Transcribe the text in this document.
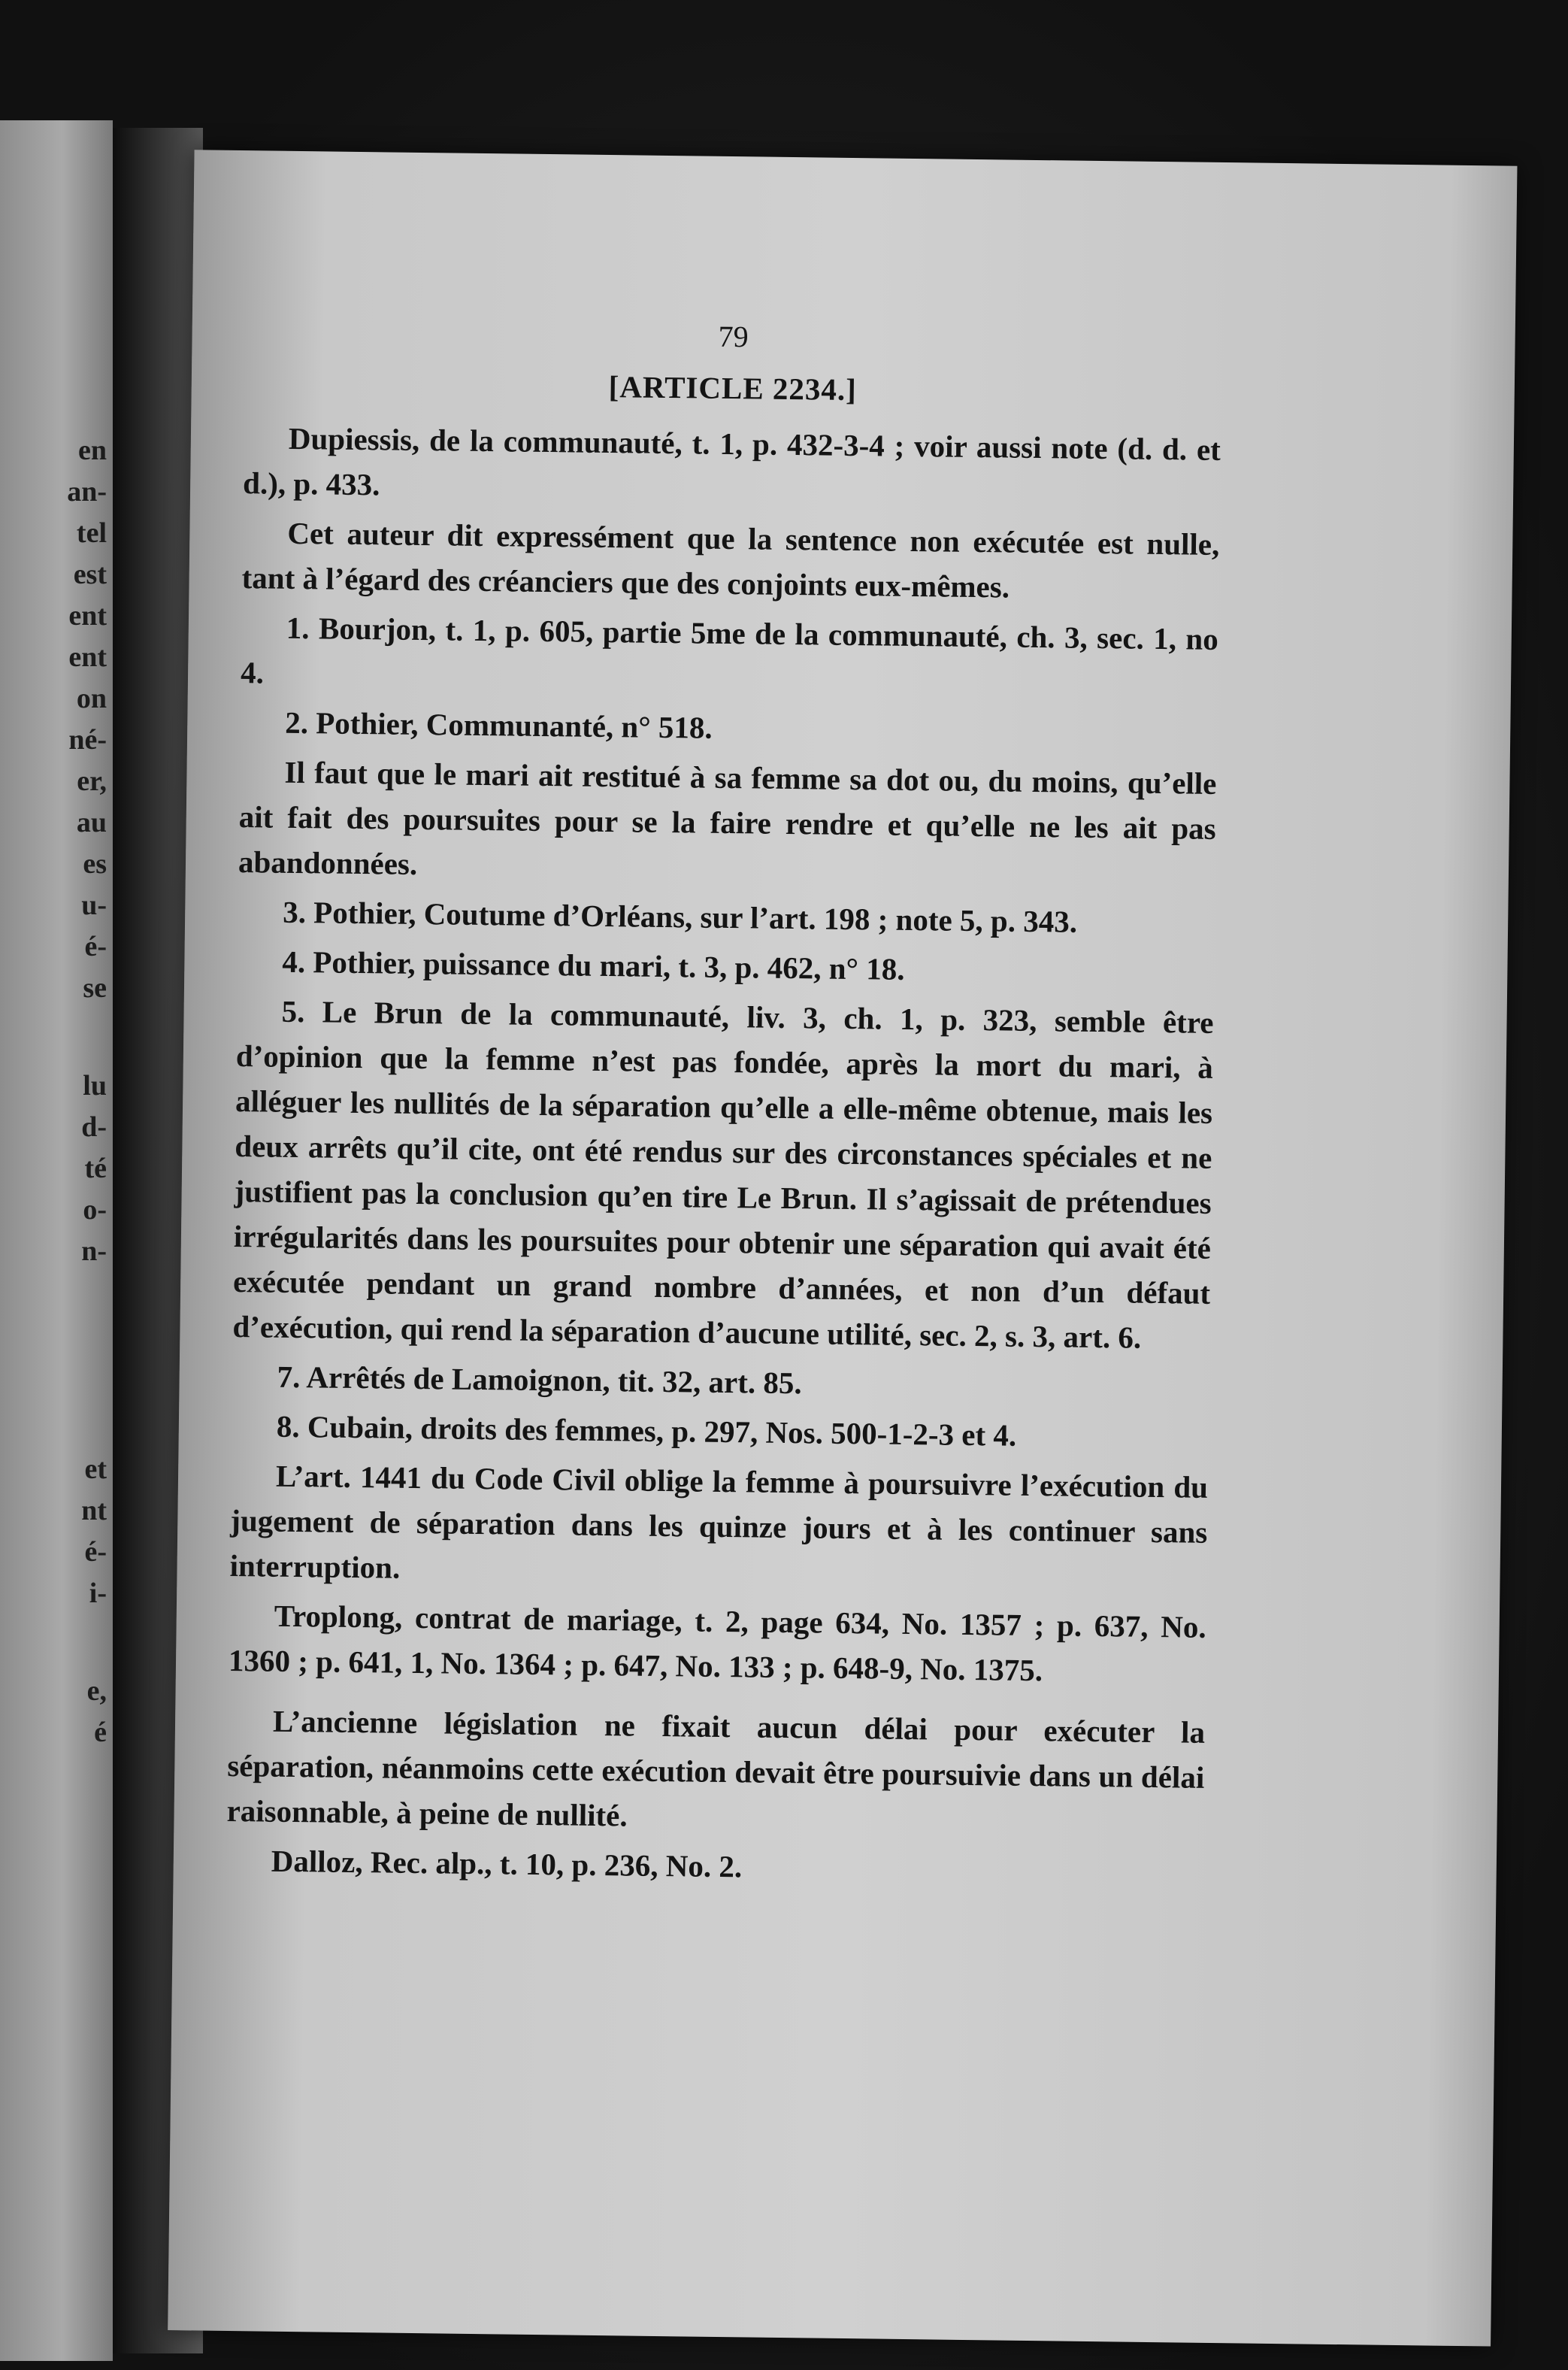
en
an-
tel
est
ent
ent
on
né-
er,
au
es
u-
é-
se
lu
d-
té
o-
n-
et
nt
é-
i-
e,
é
79
[ARTICLE 2234.]

Dupiessis, de la communauté, t. 1, p. 432-3-4 ; voir aussi note (d. d. et d.), p. 433.

Cet auteur dit expressément que la sentence non exécutée est nulle, tant à l’égard des créanciers que des conjoints eux-mêmes.

1. Bourjon, t. 1, p. 605, partie 5me de la communauté, ch. 3, sec. 1, no 4.

2. Pothier, Communanté, n° 518.

Il faut que le mari ait restitué à sa femme sa dot ou, du moins, qu’elle ait fait des poursuites pour se la faire rendre et qu’elle ne les ait pas abandonnées.

3. Pothier, Coutume d’Orléans, sur l’art. 198 ; note 5, p. 343.

4. Pothier, puissance du mari, t. 3, p. 462, n° 18.

5. Le Brun de la communauté, liv. 3, ch. 1, p. 323, semble être d’opinion que la femme n’est pas fondée, après la mort du mari, à alléguer les nullités de la séparation qu’elle a elle-même obtenue, mais les deux arrêts qu’il cite, ont été rendus sur des circonstances spéciales et ne justifient pas la conclusion qu’en tire Le Brun. Il s’agissait de prétendues irrégularités dans les poursuites pour obtenir une séparation qui avait été exécutée pendant un grand nombre d’années, et non d’un défaut d’exécution, qui rend la séparation d’aucune utilité, sec. 2, s. 3, art. 6.

7. Arrêtés de Lamoignon, tit. 32, art. 85.

8. Cubain, droits des femmes, p. 297, Nos. 500-1-2-3 et 4.

L’art. 1441 du Code Civil oblige la femme à poursuivre l’exécution du jugement de séparation dans les quinze jours et à les continuer sans interruption.

Troplong, contrat de mariage, t. 2, page 634, No. 1357 ; p. 637, No. 1360 ; p. 641, 1, No. 1364 ; p. 647, No. 133 ; p. 648-9, No. 1375.

L’ancienne législation ne fixait aucun délai pour exécuter la séparation, néanmoins cette exécution devait être poursuivie dans un délai raisonnable, à peine de nullité.

Dalloz, Rec. alp., t. 10, p. 236, No. 2.
